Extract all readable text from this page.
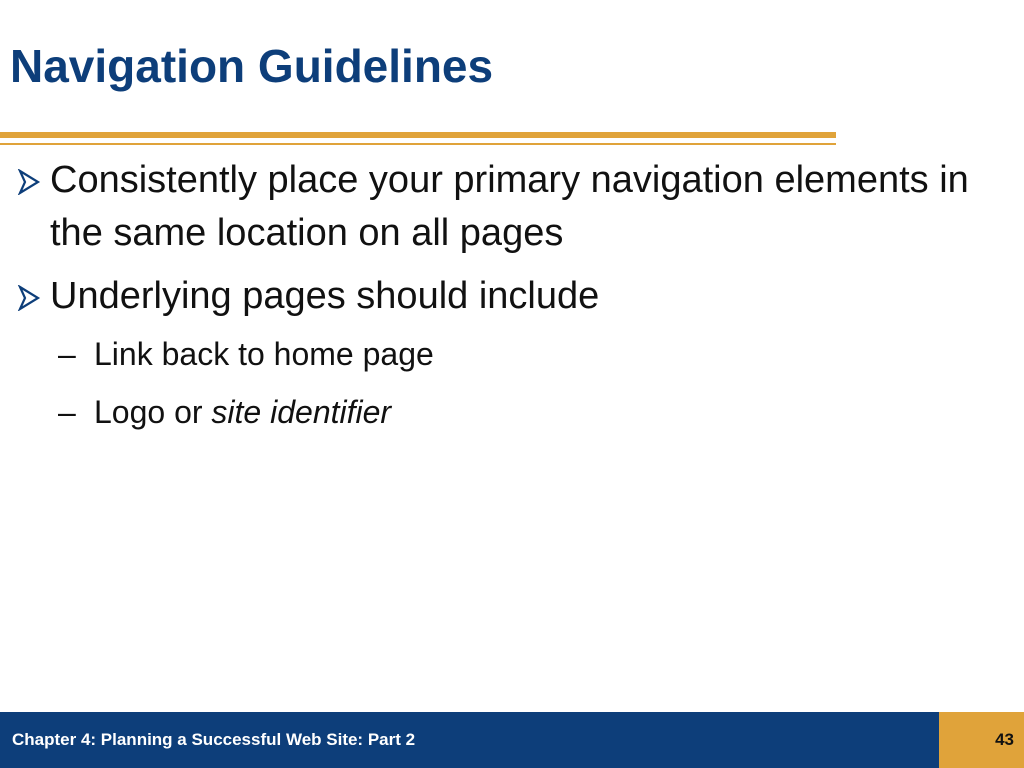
Navigation Guidelines
Consistently place your primary navigation elements in the same location on all pages
Underlying pages should include
– Link back to home page
– Logo or site identifier
Chapter 4: Planning a Successful Web Site: Part 2	43
